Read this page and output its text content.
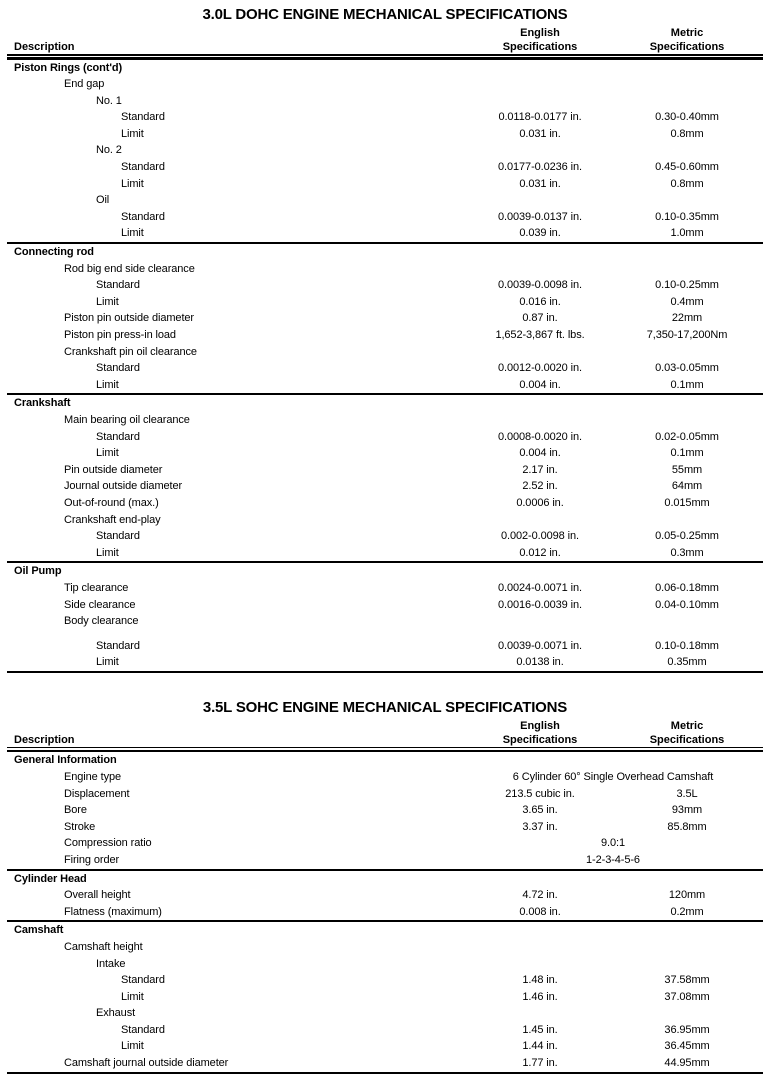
3.0L DOHC ENGINE MECHANICAL SPECIFICATIONS
Description
English
Specifications
Metric
Specifications
Piston Rings (cont'd)
End gap
No. 1
Standard	0.0118-0.0177 in.	0.30-0.40mm
Limit	0.031 in.	0.8mm
No. 2
Standard	0.0177-0.0236 in.	0.45-0.60mm
Limit	0.031 in.	0.8mm
Oil
Standard	0.0039-0.0137 in.	0.10-0.35mm
Limit	0.039 in.	1.0mm
Connecting rod
Rod big end side clearance
Standard	0.0039-0.0098 in.	0.10-0.25mm
Limit	0.016 in.	0.4mm
Piston pin outside diameter	0.87 in.	22mm
Piston pin press-in load	1,652-3,867 ft. lbs.	7,350-17,200Nm
Crankshaft pin oil clearance
Standard	0.0012-0.0020 in.	0.03-0.05mm
Limit	0.004 in.	0.1mm
Crankshaft
Main bearing oil clearance
Standard	0.0008-0.0020 in.	0.02-0.05mm
Limit	0.004 in.	0.1mm
Pin outside diameter	2.17 in.	55mm
Journal outside diameter	2.52 in.	64mm
Out-of-round (max.)	0.0006 in.	0.015mm
Crankshaft end-play
Standard	0.002-0.0098 in.	0.05-0.25mm
Limit	0.012 in.	0.3mm
Oil Pump
Tip clearance	0.0024-0.0071 in.	0.06-0.18mm
Side clearance	0.0016-0.0039 in.	0.04-0.10mm
Body clearance
Standard	0.0039-0.0071 in.	0.10-0.18mm
Limit	0.0138 in.	0.35mm
3.5L SOHC ENGINE MECHANICAL SPECIFICATIONS
Description
English
Specifications
Metric
Specifications
General Information
Engine type	6 Cylinder 60° Single Overhead Camshaft
Displacement	213.5 cubic in.	3.5L
Bore	3.65 in.	93mm
Stroke	3.37 in.	85.8mm
Compression ratio	9.0:1
Firing order	1-2-3-4-5-6
Cylinder Head
Overall height	4.72 in.	120mm
Flatness (maximum)	0.008 in.	0.2mm
Camshaft
Camshaft height
Intake
Standard	1.48 in.	37.58mm
Limit	1.46 in.	37.08mm
Exhaust
Standard	1.45 in.	36.95mm
Limit	1.44 in.	36.45mm
Camshaft journal outside diameter	1.77 in.	44.95mm
